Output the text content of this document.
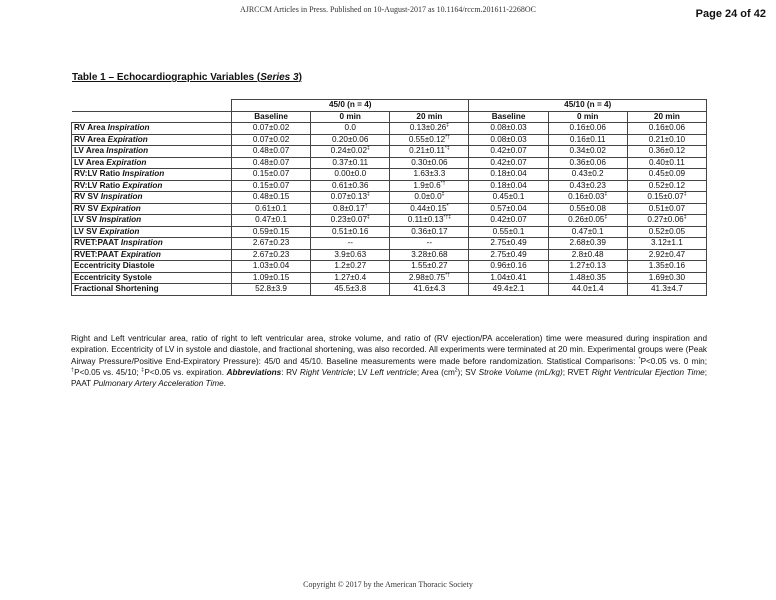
AJRCCM Articles in Press. Published on 10-August-2017 as 10.1164/rccm.201611-2268OC	Page 24 of 42
Table 1 – Echocardiographic Variables (Series 3)
	45/0 (n = 4)			45/10 (n = 4)		
	Baseline	0 min	20 min	Baseline	0 min	20 min
RV Area Inspiration	0.07±0.02	0.0	0.13±0.26‡	0.08±0.03	0.16±0.06	0.16±0.06
RV Area Expiration	0.07±0.02	0.20±0.06	0.55±0.12*†	0.08±0.03	0.16±0.11	0.21±0.10
LV Area Inspiration	0.48±0.07	0.24±0.02‡	0.21±0.11*‡	0.42±0.07	0.34±0.02	0.36±0.12
LV Area Expiration	0.48±0.07	0.37±0.11	0.30±0.06	0.42±0.07	0.36±0.06	0.40±0.11
RV:LV Ratio Inspiration	0.15±0.07	0.00±0.0	1.63±3.3	0.18±0.04	0.43±0.2	0.45±0.09
RV:LV Ratio Expiration	0.15±0.07	0.61±0.36	1.9±0.6*†	0.18±0.04	0.43±0.23	0.52±0.12
RV SV Inspiration	0.48±0.15	0.07±0.13‡	0.0±0.0‡	0.45±0.1	0.16±0.03‡	0.15±0.07‡
RV SV Expiration	0.61±0.1	0.8±0.17†	0.44±0.15*	0.57±0.04	0.55±0.08	0.51±0.07
LV SV Inspiration	0.47±0.1	0.23±0.07‡	0.11±0.13*†‡	0.42±0.07	0.26±0.05‡	0.27±0.06‡
LV SV Expiration	0.59±0.15	0.51±0.16	0.36±0.17	0.55±0.1	0.47±0.1	0.52±0.05
RVET:PAAT Inspiration	2.67±0.23	--	--	2.75±0.49	2.68±0.39	3.12±1.1
RVET:PAAT Expiration	2.67±0.23	3.9±0.63	3.28±0.68	2.75±0.49	2.8±0.48	2.92±0.47
Eccentricity Diastole	1.03±0.04	1.2±0.27	1.55±0.27	0.96±0.16	1.27±0.13	1.35±0.16
Eccentricity Systole	1.09±0.15	1.27±0.4	2.98±0.75*†	1.04±0.41	1.48±0.35	1.69±0.30
Fractional Shortening	52.8±3.9	45.5±3.8	41.6±4.3	49.4±2.1	44.0±1.4	41.3±4.7
Right and Left ventricular area, ratio of right to left ventricular area, stroke volume, and ratio of (RV ejection/PA acceleration) time were measured during inspiration and expiration. Eccentricity of LV in systole and diastole, and fractional shortening, was also recorded. All experiments were terminated at 20 min. Experimental groups were (Peak Airway Pressure/Positive End-Expiratory Pressure): 45/0 and 45/10. Baseline measurements were made before randomization. Statistical Comparisons: *P<0.05 vs. 0 min; †P<0.05 vs. 45/10; ‡P<0.05 vs. expiration. Abbreviations: RV Right Ventricle; LV Left ventricle; Area $(cm^2)$; SV Stroke Volume (mL/kg); RVET Right Ventricular Ejection Time; PAAT Pulmonary Artery Acceleration Time.
Copyright © 2017 by the American Thoracic Society
